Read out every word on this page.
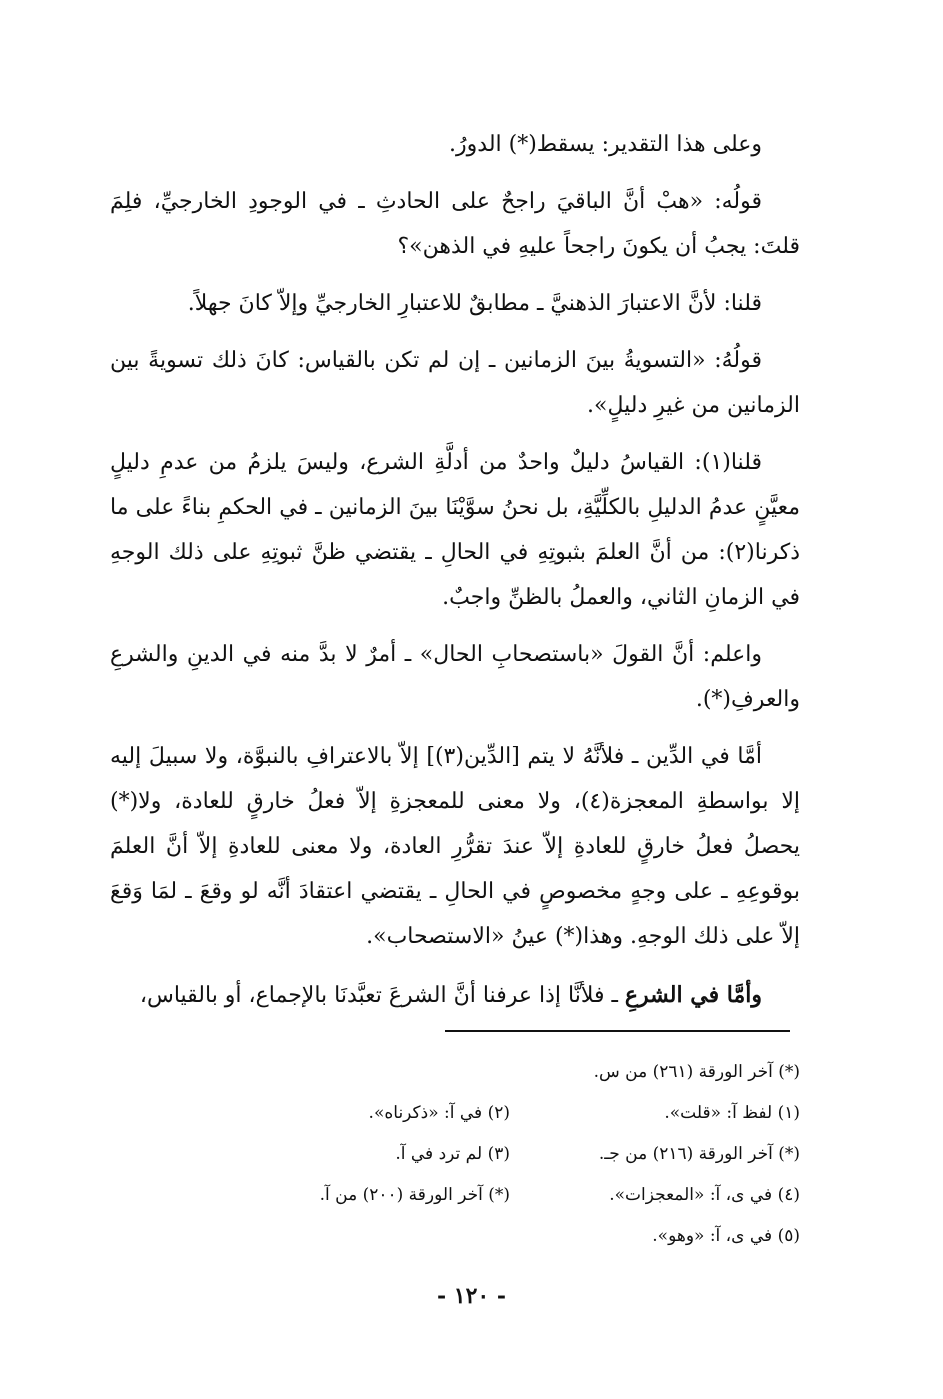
وعلى هذا التقدير: يسقط(*) الدورُ.

قولُه: «هبْ أنَّ الباقيَ راجحٌ على الحادثِ ـ في الوجودِ الخارجيِّ، فلِمَ قلتَ: يجبُ أن يكونَ راجحاً عليهِ في الذهن»؟

قلنا: لأنَّ الاعتبارَ الذهنيَّ ـ مطابقٌ للاعتبارِ الخارجيِّ وإلاّ كانَ جهلاً.

قولُهُ: «التسويةُ بينَ الزمانين ـ إن لم تكن بالقياس: كانَ ذلك تسويةً بين الزمانين من غيرِ دليلٍ».

قلنا(١): القياسُ دليلٌ واحدٌ من أدلَّةِ الشرع، وليسَ يلزمُ من عدمِ دليلٍ معيَّنٍ عدمُ الدليلِ بالكلِّيَّةِ، بل نحنُ سوَّيْنَا بينَ الزمانين ـ في الحكمِ بناءً على ما ذكرنا(٢): من أنَّ العلمَ بثبوتِهِ في الحالِ ـ يقتضي ظنَّ ثبوتِهِ على ذلك الوجهِ في الزمانِ الثاني، والعملُ بالظنِّ واجبٌ.

واعلم: أنَّ القولَ «باستصحابِ الحال» ـ أمرٌ لا بدَّ منه في الدينِ والشرعِ والعرفِ(*).

أمَّا في الدِّين ـ فلأنَّهُ لا يتم [الدِّين(٣)] إلاّ بالاعترافِ بالنبوَّة، ولا سبيلَ إليه إلا بواسطةِ المعجزة(٤)، ولا معنى للمعجزةِ إلاّ فعلُ خارقٍ للعادة، ولا(*) يحصلُ فعلُ خارقٍ للعادةِ إلاّ عندَ تقرُّرِ العادة، ولا معنى للعادةِ إلاّ أنَّ العلمَ بوقوعِهِ ـ على وجهٍ مخصوصٍ في الحالِ ـ يقتضي اعتقادَ أنَّه لو وقعَ ـ لمَا وَقعَ إلاّ على ذلك الوجهِ. وهذا(*) عينُ «الاستصحاب».

وأمَّا في الشرعِ ـ فلأنَّا إذا عرفنا أنَّ الشرعَ تعبَّدنَا بالإجماع، أو بالقياس،

(*) آخر الورقة (٢٦١) من س.
(١) لفظ آ: «قلت».
(٢) في آ: «ذكرناه».
(*) آخر الورقة (٢١٦) من جـ.
(٣) لم ترد في آ.
(٤) في ى، آ: «المعجزات».
(*) آخر الورقة (٢٠٠) من آ.
(٥) في ى، آ: «وهو».
- ١٢٠ -
